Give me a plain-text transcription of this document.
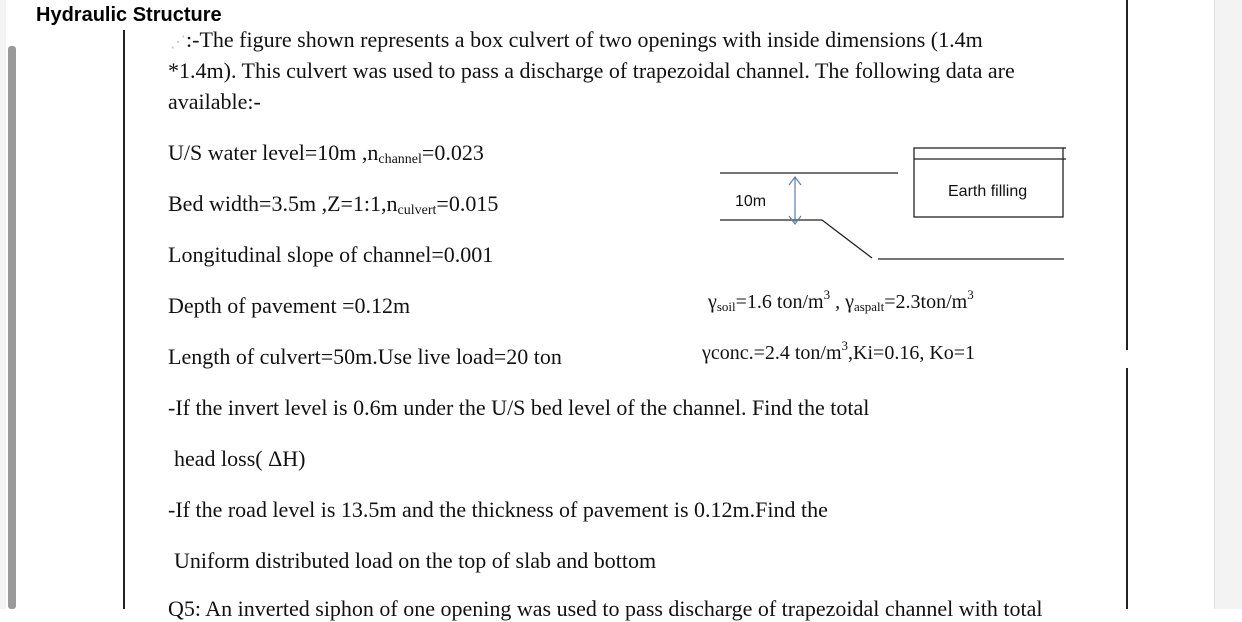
Hydraulic Structure
⋰:-The figure shown represents a box culvert of two openings with inside dimensions (1.4m
*1.4m). This culvert was used to pass a discharge of trapezoidal channel. The following data are
available:-
U/S water level=10m $,n_{channel}=0.023$
Bed width=3.5m $,Z=1:1,n_{culvert}=0.015$
Longitudinal slope of channel=0.001
Depth of pavement =0.12m
Length of culvert=50m.Use live load=20 ton
γsoil=1.6 ton/$m^3$ , $\gamma aspalt=2.3ton/m^3$
γconc.=2.4 ton/$m^3,Ki=0.16$, Ko=1
10m
Earth filling
-If the invert level is 0.6m under the U/S bed level of the channel. Find the total
head loss( ΔH)
-If the road level is 13.5m and the thickness of pavement is 0.12m.Find the
Uniform distributed load on the top of slab and bottom
Q5: An inverted siphon of one opening was used to pass discharge of trapezoidal channel with total
